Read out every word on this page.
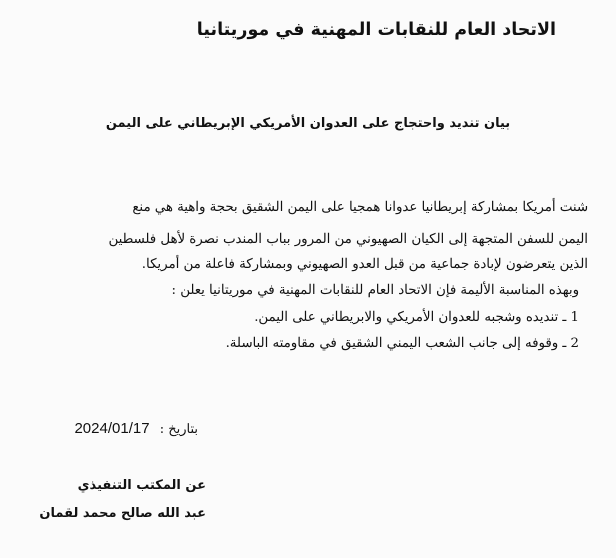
الاتحاد العام للنقابات المهنية في موريتانيا
بيان تنديد واحتجاج على العدوان الأمريكي الإبريطاني على اليمن
شنت أمريكا بمشاركة إبريطانيا عدوانا همجيا على اليمن الشقيق بحجة واهية هي منع
اليمن للسفن المتجهة إلى الكيان الصهيوني من المرور بباب المندب نصرة لأهل فلسطين
الذين يتعرضون لإبادة جماعية من قبل العدو الصهيوني وبمشاركة فاعلة من أمريكا.
وبهذه المناسبة الأليمة فإن الاتحاد العام للنقابات المهنية في موريتانيا يعلن :
1 ـ تنديده وشجبه للعدوان الأمريكي والابريطاني على اليمن.
2 ـ وقوفه إلى جانب الشعب اليمني الشقيق في مقاومته الباسلة.
بتاريخ : 2024/01/17
عن المكتب التنفيذي
عبد الله صالح محمد لقمان
